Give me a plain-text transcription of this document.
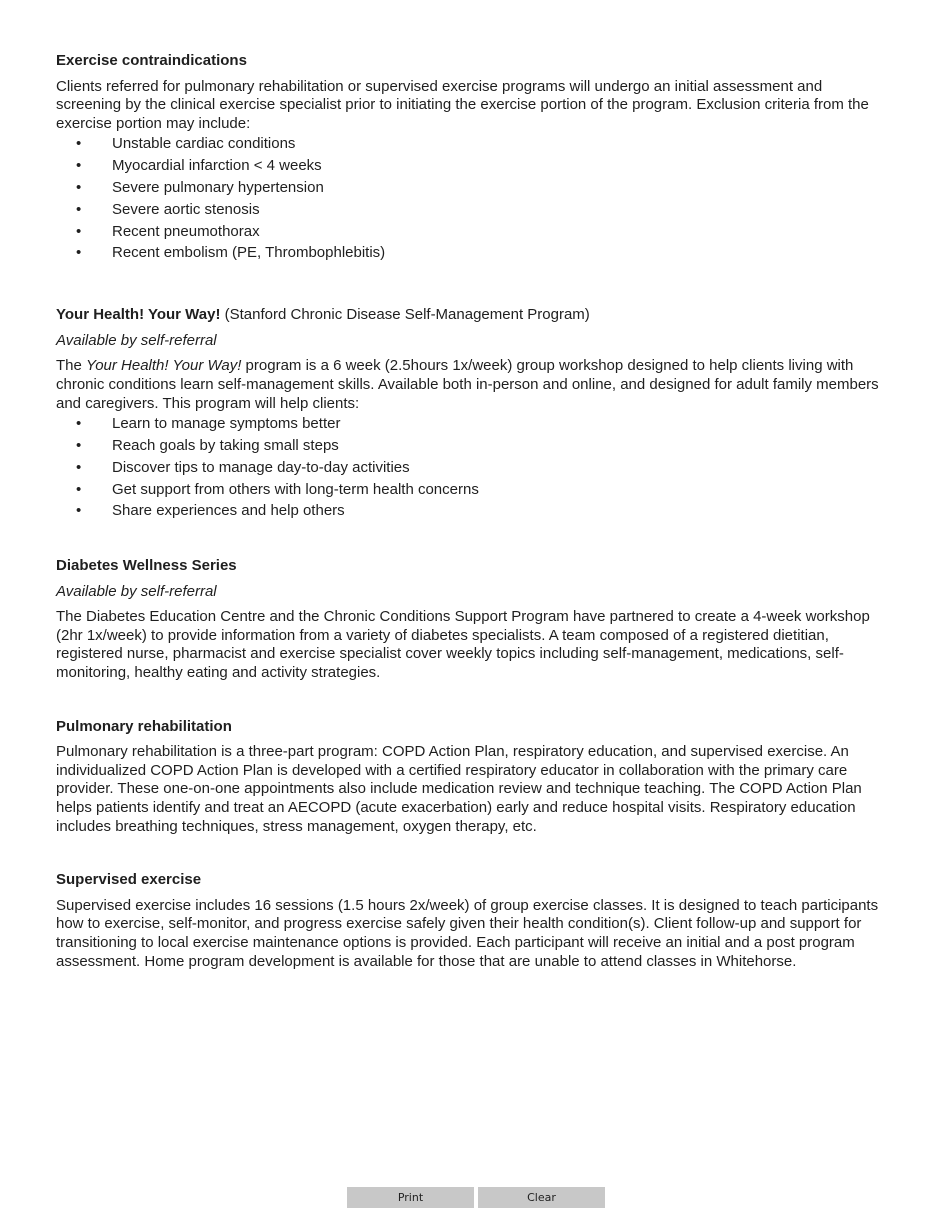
Exercise contraindications

Clients referred for pulmonary rehabilitation or supervised exercise programs will undergo an initial assessment and screening by the clinical exercise specialist prior to initiating the exercise portion of the program. Exclusion criteria from the exercise portion may include:

• Unstable cardiac conditions
• Myocardial infarction < 4 weeks
• Severe pulmonary hypertension
• Severe aortic stenosis
• Recent pneumothorax
• Recent embolism (PE, Thrombophlebitis)

Your Health! Your Way! (Stanford Chronic Disease Self-Management Program)

Available by self-referral

The Your Health! Your Way! program is a 6 week (2.5hours 1x/week) group workshop designed to help clients living with chronic conditions learn self-management skills. Available both in-person and online, and designed for adult family members and caregivers. This program will help clients:

• Learn to manage symptoms better
• Reach goals by taking small steps
• Discover tips to manage day-to-day activities
• Get support from others with long-term health concerns
• Share experiences and help others

Diabetes Wellness Series

Available by self-referral

The Diabetes Education Centre and the Chronic Conditions Support Program have partnered to create a 4-week workshop (2hr 1x/week) to provide information from a variety of diabetes specialists. A team composed of a registered dietitian, registered nurse, pharmacist and exercise specialist cover weekly topics including self-management, medications, self-monitoring, healthy eating and activity strategies.

Pulmonary rehabilitation

Pulmonary rehabilitation is a three-part program: COPD Action Plan, respiratory education, and supervised exercise. An individualized COPD Action Plan is developed with a certified respiratory educator in collaboration with the primary care provider. These one-on-one appointments also include medication review and technique teaching. The COPD Action Plan helps patients identify and treat an AECOPD (acute exacerbation) early and reduce hospital visits. Respiratory education includes breathing techniques, stress management, oxygen therapy, etc.

Supervised exercise

Supervised exercise includes 16 sessions (1.5 hours 2x/week) of group exercise classes. It is designed to teach participants how to exercise, self-monitor, and progress exercise safely given their health condition(s). Client follow-up and support for transitioning to local exercise maintenance options is provided. Each participant will receive an initial and a post program assessment. Home program development is available for those that are unable to attend classes in Whitehorse.

Print	Clear
